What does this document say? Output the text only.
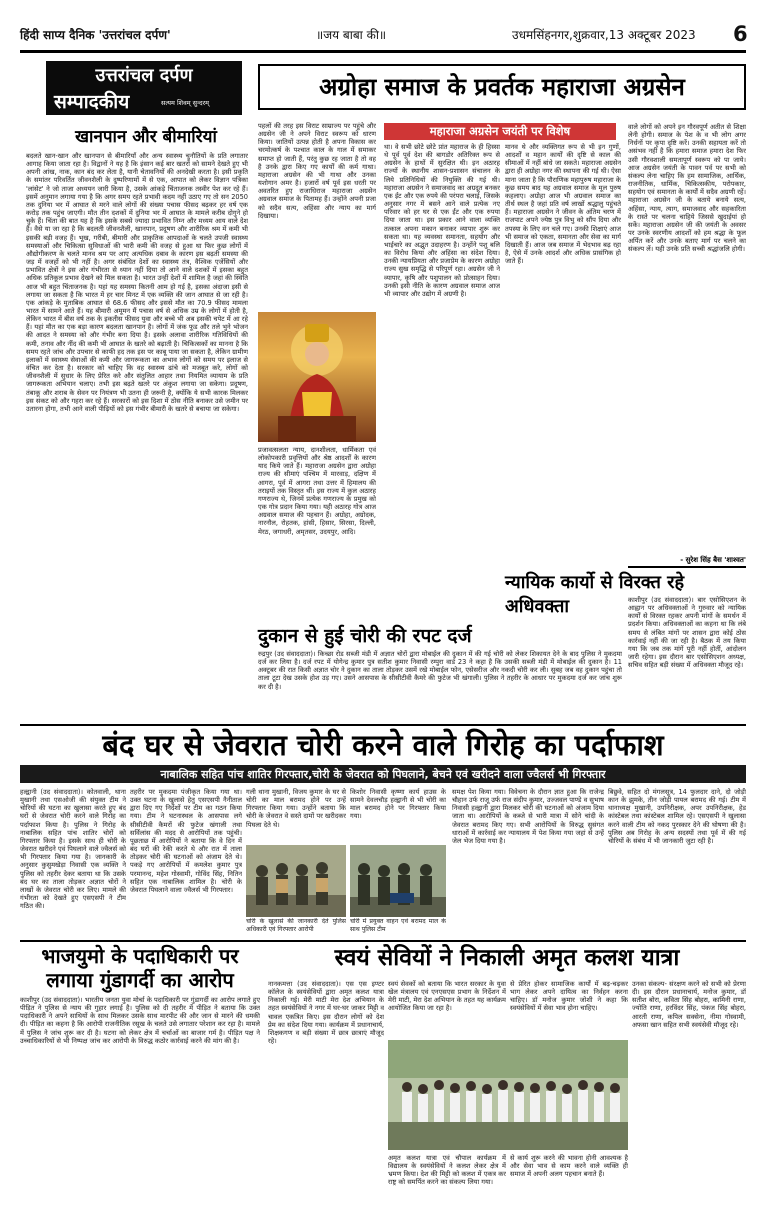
हिंदी साप्य दैनिक 'उत्तरांचल दर्पण'	॥जय बाबा की॥	उधमसिंहनगर,शुक्रवार,13 अक्टूबर 2023 6
उत्तरांचल दर्पण
सम्पादकीय	सत्यम शिवम् सुन्दरम्
खानपान और बीमारियां
बदलते खान-खान और खानपान से बीमारियाँ और अन्य स्वास्थ्य चुनौतियों के प्रति लगातार आगाह किया जाता रहा है। विद्वानों ने यह है कि इंसान कई बार खतरों को सामने देखते हुए भी अपनी आंख, नाक, कान बंद कर लेता है, यानी चेतावनियों की अनदेखी करता है। इसी प्रकृति के समांतर परिवर्तित जीवनशैली के दुष्परिणामों में से एक, आपात को लेकर विज्ञान पत्रिका 'लांसेट' ने जो ताजा अध्ययन जारी किया है, उसके आंकड़े चिंताजनक तस्वीर पेश कर रहे हैं। इसमें अनुमान लगाया गया है कि अगर समय रहते प्रभावी कदम नहीं उठाए गए तो सन 2050 तक दुनिया भर में आघात से मरने वाले लोगों की संख्या पचास फीसद बढ़कर हर वर्ष एक करोड़ तक पहुंच जाएगी। मौत तीन दशकों में दुनिया भर में आघात के मामले करीब दोगुने हो चुके हैं। चिंता की बात यह है कि इसके सबसे ज्यादा प्रभावित निम्न और मध्यम आय वाले देश हैं। वैसे या जा रहा है कि बदलती जीवनशैली, खानपान, प्रदूषण और शारीरिक श्रम में कमी भी इसकी बड़ी वजह हैं। भूख, गरीबी, बीमारी और प्राकृतिक आपदाओं के चलते उपजी स्वास्थ्य समस्याओं और चिकित्सा सुविधाओं की भारी कमी की वजह से हुआ था फिर कुछ लोगों में औद्योगीकरण के चलते मानव श्रम पर आए अत्यधिक दबाव के कारण इस बढ़ती समस्या की जड़ में वजहों को भी नहीं है। अगर संबंधित देशों का स्वास्थ्य तंत्र, वैश्विक एजेंसियों और प्रभावित क्षेत्रों ने इस ओर गंभीरता से ध्यान नहीं दिया तो आने वाले दशकों में इसका बहुत अधिक प्रतिकूल प्रभाव देखने को मिल सकता है। भारत उन्हीं देशों में शामिल है जहां की स्थिति आज भी बहुत चिंताजनक है। यहां यह समस्या कितनी आम हो गई है, इसका अंदाजा इसी से लगाया जा सकता है कि भारत में हर चार मिनट में एक व्यक्ति की जान आघात से जा रही है। एक आंकड़े के मुताबिक आघात से 68.6 फीसद और इससे मौत का 70.9 फीसद मामला भारत में सामने आते हैं। यह बीमारी अमूमन मैं पचास वर्ष से अधिक उम्र के लोगों में होती है, लेकिन भारत में बीस वर्ष तक के इकतीस फीसद युवा और बच्चे भी अब इसकी चपेट में आ रहे हैं। यहां मौत का एक बड़ा कारण बदलता खानपान है। लोगों में जंक फूड और तले भुने भोजन की आदत ने समस्या को और गंभीर बना दिया है। इसके अलावा शारीरिक गतिविधियों की कमी, तनाव और नींद की कमी भी आघात के खतरे को बढ़ाती है। चिकित्सकों का मानना है कि समय रहते जांच और उपचार से काफी हद तक इस पर काबू पाया जा सकता है, लेकिन ग्रामीण इलाकों में स्वास्थ्य सेवाओं की कमी और जागरूकता का अभाव लोगों को समय पर इलाज से वंचित कर देता है। सरकार को चाहिए कि वह स्वास्थ्य ढांचे को मजबूत करे, लोगों को जीवनशैली में सुधार के लिए प्रेरित करे और संतुलित आहार तथा नियमित व्यायाम के प्रति जागरूकता अभियान चलाए। तभी इस बढ़ते खतरे पर अंकुश लगाया जा सकेगा। प्रदूषण, तंबाकू और शराब के सेवन पर नियंत्रण भी उतना ही जरूरी है, क्योंकि ये सभी कारक मिलकर इस संकट को और गहरा कर रहे हैं। सरकारों को इस दिशा में ठोस नीति बनाकर उसे जमीन पर उतारना होगा, तभी आने वाली पीढ़ियों को इस गंभीर बीमारी के खतरे से बचाया जा सकेगा।
अग्रोहा समाज के प्रवर्तक महाराजा अग्रसेन
पहलों की तरह इस विराट साम्राज्य पर पहुंचे और अग्रसेन जी ने अपने विराट स्वरूप को धारण किया। जातियों उत्पन्न होती है अपना विकास कर चरमोत्कर्ष के पश्चात काल के गाल में समाकर समाप्त हो जाती हैं, परंतु कुछ रह जाता है तो वह है उनके द्वारा किए गए कार्यों की कर्म गाथा। महाराजा अग्रसेन की भी गाथा और उनका यशोगान अमर है। हजारों वर्ष पूर्व इस धरती पर अवतरित हुए राजाधिराज महाराजा अग्रसेन अग्रवाल समाज के पितामह हैं। उन्होंने अपनी प्रजा को सदैव सत्य, अहिंसा और न्याय का मार्ग दिखाया।
प्रजावत्सलता न्याय, दानशीलता, धार्मिकता एवं लोकोपकारी प्रवृत्तियों और श्रेष्ठ आदर्शों के कारण याद किये जाते हैं। महाराजा अग्रसेन द्वारा अग्रोहा राज्य की सीमाएं पश्चिम में मारवाड़, दक्षिण में आगरा, पूर्व में आगरा तथा उत्तर में हिमालय की तराइयों तक विस्तृत थीं। इस राज्य में कुल अठारह गणराज्य थे, जिनमें प्रत्येक गणराज्य के प्रमुख को एक गोत्र प्रदान किया गया। यही अठारह गोत्र आज अग्रवाल समाज की पहचान हैं। अग्रोहा, अग्रोदक, नारनौल, रोहतक, हांसी, हिसार, सिरसा, दिल्ली, मेरठ, जगाधरी, अमृतसर, उदयपुर, आदि।
महाराजा अग्रसेन जयंती पर विशेष
था। वे सभी छोटे छोटे प्रांत महाराज के ही हिस्सा थे पूर्व पूर्व देश की बागडोर अतिरिक्त रूप से अग्रसेन के हाथों में सुरक्षित थी। इन अठारह राज्यों के स्थानीय शासन-प्रशासन संचालन के लिये प्रतिनिधियों की नियुक्ति की गई थी। महाराजा अग्रसेन ने समाजवाद का अग्रदूत बनकर एक ईंट और एक रुपये की परंपरा चलाई, जिसके अनुसार नगर में बसने आने वाले प्रत्येक नए परिवार को हर घर से एक ईंट और एक रुपया दिया जाता था। इस प्रकार आने वाला व्यक्ति तत्काल अपना मकान बनाकर व्यापार शुरू कर सकता था। यह व्यवस्था समानता, सहयोग और भाईचारे का अद्भुत उदाहरण है। उन्होंने पशु बलि का विरोध किया और अहिंसा का संदेश दिया। उनकी न्यायप्रियता और प्रजाप्रेम के कारण अग्रोहा राज्य सुख समृद्धि से परिपूर्ण रहा। अग्रसेन जी ने व्यापार, कृषि और पशुपालन को प्रोत्साहन दिया। उनकी इसी नीति के कारण अग्रवाल समाज आज भी व्यापार और उद्योग में अग्रणी है।
मानव थे और व्यक्तिगत रूप से भी इन गुणों, आदर्शों व महान कार्यों की दृष्टि से काल की सीमाओं में नहीं बांधे जा सकते। महाराजा अग्रसेन द्वारा ही अग्रोहा नगर की स्थापना की गई थी। ऐसा माना जाता है कि पौराणिक महापुरुष महाराजा के कुछ समय बाद यह अग्रवाल समाज के मूल पुरुष कहलाए। अग्रोहा आज भी अग्रवाल समाज का तीर्थ स्थल है जहां प्रति वर्ष लाखों श्रद्धालु पहुंचते हैं। महाराजा अग्रसेन ने जीवन के अंतिम चरण में राजपाट अपने ज्येष्ठ पुत्र विभु को सौंप दिया और तपस्या के लिए वन चले गए। उनकी शिक्षाएं आज भी समाज को एकता, समानता और सेवा का मार्ग दिखाती हैं। आज जब समाज में भेदभाव बढ़ रहा है, ऐसे में उनके आदर्श और अधिक प्रासंगिक हो जाते हैं।
वाले लोगों को अपने इन गौरवपूर्ण अतीत से शिक्षा लेनी होगी। समाज के पेश के व भी लोग अगर निर्धनों पर कृपा दृष्टि करें। उनकी सहायता करें तो असंभव नहीं है कि हमारा समाज हमारा देश फिर उसी गौरवशाली समतापूर्ण स्वरूप को पा जाये। आज अग्रसेन जयंती के पावन पर्व पर सभी को संकल्प लेना चाहिए कि हम सामाजिक, आर्थिक, राजनीतिक, धार्मिक, चिकित्सकीय, परोपकार, सहयोग एवं समानता के कार्यों में सदैव अग्रणी रहें। महाराजा अग्रसेन जी के बताये बनाये सत्य, अहिंसा, न्याय, त्याग, समाजवाद और सहकारिता के रास्ते पर चलना चाहिये जिससे खुदाईयां हो सकें। महाराजा अग्रसेन जी की जयंती के अवसर पर उनके स्वरणीय आदर्शों को हम श्रद्धा के फूल अर्पित करें और उनके बताए मार्ग पर चलने का संकल्प लें। यही उनके प्रति सच्ची श्रद्धांजलि होगी।
- सुरेश सिंह बैस 'शाश्वत'
दुकान से हुई चोरी की रपट दर्ज
रुद्रपुर (उद संवाददाता)। किच्छा रोड सब्जी मंडी में अज्ञात चोरों द्वारा मोबाईल की दुकान में की गई चोरी को लेकर शिकायत देने के बाद पुलिस ने मुकदमा दर्ज कर लिया है। दर्ज रपट में योगेन्द्र कुमार पुत्र सतीश कुमार निवासी रम्पुरा वार्ड 23 ने कहा है कि उसकी सब्जी मंडी में मोबाईल की दुकान है। 11 अक्टूबर की रात किसी अज्ञात चोर ने दुकान का ताला तोड़कर उसमें रखे मोबाईल फोन, एसेसरीज और नकदी चोरी कर ली। सुबह जब वह दुकान पहुंचा तो ताला टूटा देख उसके होश उड़ गए। उसने आसपास के सीसीटीवी कैमरे की फुटेज भी खंगाली। पुलिस ने तहरीर के आधार पर मुकदमा दर्ज कर जांच शुरू कर दी है।
न्यायिक कार्यो से विरक्त रहे अधिवक्ता	काशीपुर (उद संवाददाता)। बार एसोसिएशन के आह्वान पर अधिवक्ताओं ने गुरुवार को न्यायिक कार्यों से विरक्त रहकर अपनी मांगों के समर्थन में प्रदर्शन किया। अधिवक्ताओं का कहना था कि लंबे समय से लंबित मांगों पर शासन द्वारा कोई ठोस कार्रवाई नहीं की जा रही है। बैठक में तय किया गया कि जब तक मांगें पूरी नहीं होतीं, आंदोलन जारी रहेगा। इस दौरान बार एसोसिएशन अध्यक्ष, सचिव सहित बड़ी संख्या में अधिवक्ता मौजूद रहे।
बंद घर से जेवरात चोरी करने वाले गिरोह का पर्दाफाश
नाबालिक सहित पांच शातिर गिरफ्तार,चोरी के जेवरात को पिघलाने, बेचने एवं खरीदने वाला ज्वैलर्स भी गिरफ्तार
हल्द्वानी (उद संवाददाता)। कोतवाली, थाना मुखानी तथा एसओजी की संयुक्त टीम ने चोरियों की घटना का खुलासा करते हुए बंद घरों से जेवरात चोरी करने वाले गिरोह का पर्दाफाश किया है। पुलिस ने गिरोह के नाबालिक सहित पांच शातिर चोरों को गिरफ्तार किया है। इसके साथ ही चोरी के जेवरात खरीदने एवं पिघलाने वाले ज्वैलर्स को भी गिरफ्तार किया गया है। जानकारी के अनुसार कुसुमखेड़ा निवासी एक व्यक्ति ने पुलिस को तहरीर देकर बताया था कि उसके बंद घर का ताला तोड़कर अज्ञात चोरों ने लाखों के जेवरात चोरी कर लिए। मामले की गंभीरता को देखते हुए एसएसपी ने टीम गठित की।
तहरीर पर मुकदमा पंजीकृत किया गया था। उक्त घटना के खुलासे हेतु एसएसपी नैनीताल द्वारा दिए गए निर्देशों पर टीम का गठन किया गया। टीम ने घटनास्थल के आसपास लगे सीसीटीवी कैमरों की फुटेज खंगाली तथा सर्विलांस की मदद से आरोपियों तक पहुंची। पूछताछ में आरोपियों ने बताया कि वे दिन में बंद घरों की रेकी करते थे और रात में ताला तोड़कर चोरी की घटनाओं को अंजाम देते थे। पकड़े गए आरोपियों में कमलेश कुमार पुत्र परमानन्द, महेश गोस्वामी, गोविंद सिंह, नितिन सहित एक नाबालिक शामिल है। चोरी के जेवरात पिघलाने वाला ज्वैलर्स भी गिरफ्तार।
गली थाना मुखानी, विजय कुमार के घर से चोरी का माल बरामद होने पर उन्हें गिरफ्तार किया गया। उन्होंने बताया कि चोरी के जेवरात वे सस्ते दामों पर खरीदकर पिघला देते थे।
किशोर निवासी कृष्णा कार्य हाउस के सामने देवलचौड़ हल्द्वानी से भी चोरी का माल बरामद होने पर गिरफ्तार किया गया।
चोरी के खुलासे की जानकारी देते पुलिस अधिकारी एवं गिरफ्तार आरोपी
चोरी में प्रयुक्त वाहन एवं बरामद माल के साथ पुलिस टीम
समक्ष पेश किया गया। विवेचना के दौरान ज्ञात हुआ कि राजेन्द्र चौहान उर्फ राजू उर्फ राज संदीप कुमार, उज्जवल पाण्डे व सुभाष निवासी हल्द्वानी द्वारा मिलकर चोरी की घटनाओं को अंजाम दिया जाता था। आरोपियों के कब्जे से भारी मात्रा में सोने चांदी के जेवरात बरामद किए गए। सभी आरोपियों के विरुद्ध सुसंगत धाराओं में कार्रवाई कर न्यायालय में पेश किया गया जहां से उन्हें जेल भेज दिया गया है।
बिछुवे, सहित दो मंगलसूत्र, 14 फुलदार दाने, दो जोड़ी कान के झुमके, तीन जोड़ी पायल बरामद की गई। टीम में थानाध्यक्ष मुखानी, उपनिरीक्षक, अपर उपनिरीक्षक, हेड कांस्टेबल तथा कांस्टेबल शामिल रहे। एसएसपी ने खुलासा करने वाली टीम को नकद पुरस्कार देने की घोषणा की है। पुलिस अब गिरोह के अन्य सदस्यों तथा पूर्व में की गई चोरियों के संबंध में भी जानकारी जुटा रही है।
भाजयुमो के पदाधिकारी पर लगाया गुंडागर्दी का आरोप
काशीपुर (उद संवाददाता)। भारतीय जनता युवा मोर्चा के पदाधिकारी पर गुंडागर्दी का आरोप लगाते हुए पीड़ित ने पुलिस से न्याय की गुहार लगाई है। पुलिस को दी तहरीर में पीड़ित ने बताया कि उक्त पदाधिकारी ने अपने साथियों के साथ मिलकर उसके साथ मारपीट की और जान से मारने की धमकी दी। पीड़ित का कहना है कि आरोपी राजनीतिक रसूख के चलते उसे लगातार परेशान कर रहा है। मामले में पुलिस ने जांच शुरू कर दी है। घटना को लेकर क्षेत्र में चर्चाओं का बाजार गर्म है। पीड़ित पक्ष ने उच्चाधिकारियों से भी निष्पक्ष जांच कर आरोपी के विरुद्ध कठोर कार्रवाई करने की मांग की है।
स्वयं सेवियों ने निकाली अमृत कलश यात्रा
नानकमत्ता (उद संवाददाता)। एस एस इण्टर कॉलेज के स्वयंसेवियों द्वारा अमृत कलश यात्रा निकाली गई। मेरी माटी मेरा देश अभियान के तहत स्वयंसेवियों ने नगर में घर-घर जाकर मिट्टी व चावल एकत्रित किए। इस दौरान लोगों को देश प्रेम का संदेश दिया गया। कार्यक्रम में प्रधानाचार्य, शिक्षकगण व बड़ी संख्या में छात्र छात्राएं मौजूद रहे।
स्वयं सेवकों को बताया कि भारत सरकार के युवा खेल मंत्रालय एवं एनएसएस प्रभाग के निर्देशन में मेरी माटी, मेरा देश अभियान के तहत यह कार्यक्रम आयोजित किया जा रहा है।
से प्रेरित होकर सामाजिक कार्यों में बढ़-चढ़कर भाग लेकर अपने दायित्व का निर्वहन करना चाहिए। डॉ मनोज कुमार जोशी ने कहा कि स्वयंसेवियों में सेवा भाव होना चाहिए।
अमृत कलश यात्रा एवं चौपाल कार्यक्रम में विद्यालय के स्वयंसेवियों ने कलश लेकर क्षेत्र में भ्रमण किया। देश की मिट्टी को कलश में एकत्र कर राष्ट्र को समर्पित करने का संकल्प लिया गया।
से कार्य शुरू करने की भावना होनी आवश्यक है और सेवा भाव से काम करने वाले व्यक्ति ही समाज में अपनी अलग पहचान बनाते हैं।
उनका संकल्प- संरक्षण करने को सभी को प्रेरणा दी। इस दौरान प्रधानाचार्य, मनोज कुमार, डॉ सतीश बोरा, कविता सिंह बोहरा, कामिनी राणा, ज्योति राणा, हरविंदर सिंह, पंकज सिंह बोहरा, आरती राणा, कपिल सक्सेना, नीमा गोस्वामी, अफसा खान सहित सभी स्वयंसेवी मौजूद रहे।
